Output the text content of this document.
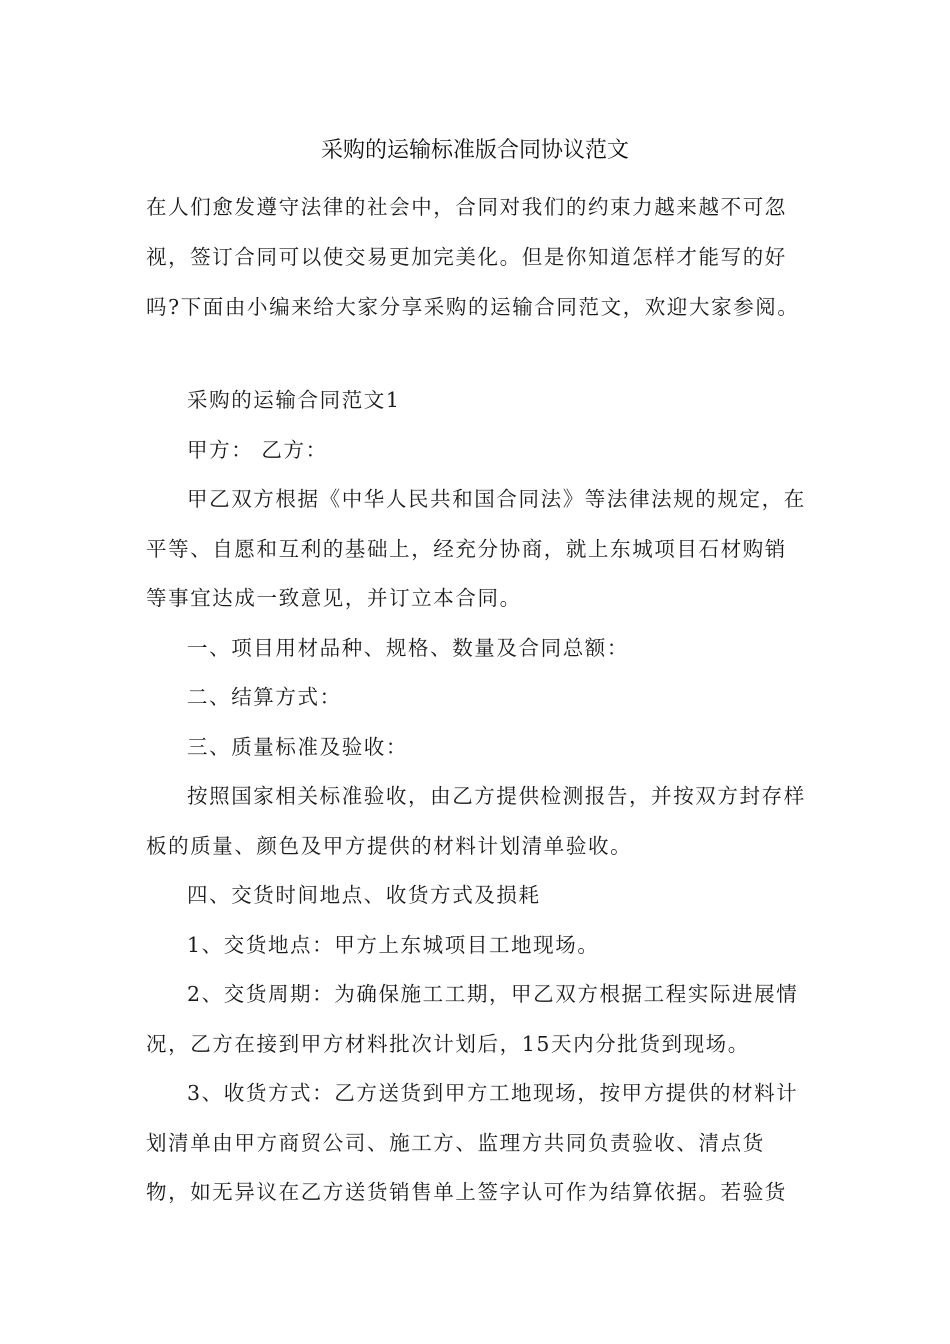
采购的运输标准版合同协议范文

在人们愈发遵守法律的社会中，合同对我们的约束力越来越不可忽视，签订合同可以使交易更加完美化。但是你知道怎样才能写的好吗?下面由小编来给大家分享采购的运输合同范文，欢迎大家参阅。

采购的运输合同范文1

甲方： 乙方：

甲乙双方根据《中华人民共和国合同法》等法律法规的规定，在平等、自愿和互利的基础上，经充分协商，就上东城项目石材购销等事宜达成一致意见，并订立本合同。

一、项目用材品种、规格、数量及合同总额：

二、结算方式：

三、质量标准及验收：

按照国家相关标准验收，由乙方提供检测报告，并按双方封存样板的质量、颜色及甲方提供的材料计划清单验收。

四、交货时间地点、收货方式及损耗

1、交货地点：甲方上东城项目工地现场。

2、交货周期：为确保施工工期，甲乙双方根据工程实际进展情况，乙方在接到甲方材料批次计划后，15天内分批货到现场。

3、收货方式：乙方送货到甲方工地现场，按甲方提供的材料计划清单由甲方商贸公司、施工方、监理方共同负责验收、清点货物，如无异议在乙方送货销售单上签字认可作为结算依据。若验货
